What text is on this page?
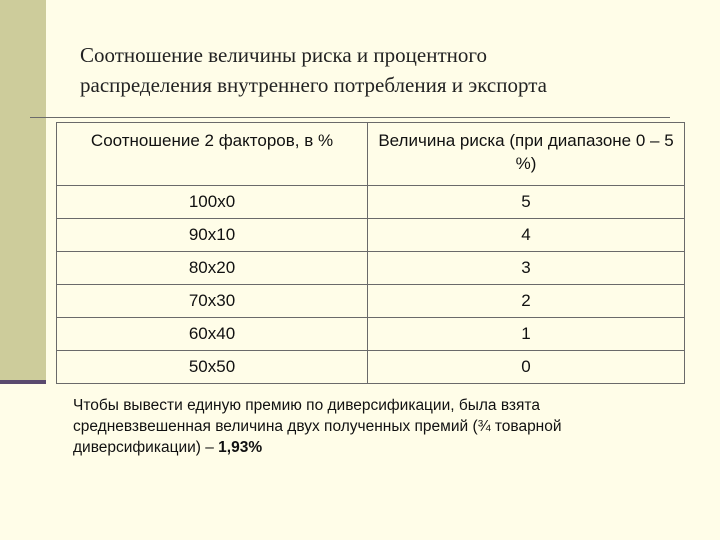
Соотношение величины риска и процентного
распределения внутреннего потребления и экспорта
Соотношение 2 факторов, в %	Величина риска (при диапазоне 0 – 5 %)
100х0	5
90х10	4
80х20	3
70х30	2
60х40	1
50х50	0
Чтобы вывести единую премию по диверсификации, была взята средневзвешенная величина двух полученных премий (¾ товарной диверсификации) – 1,93%
